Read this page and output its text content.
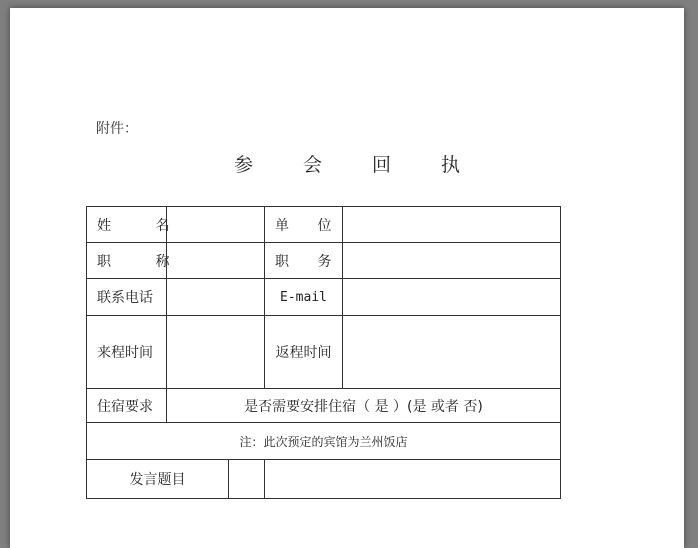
附件：
参 会 回 执
姓 名		单 位	
职 称		职 务	
联系电话		E-mail	
来程时间		返程时间	
住宿要求	是否需要安排住宿（ 是 ）(是 或者 否)		
注：此次预定的宾馆为兰州饭店			

发言题目			
